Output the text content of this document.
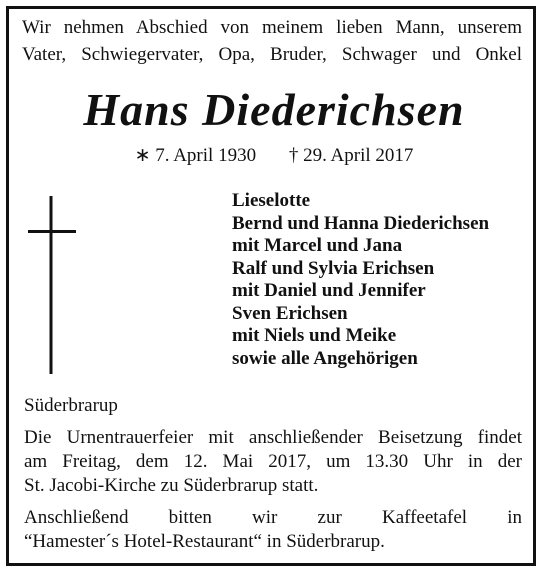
Wir nehmen Abschied von meinem lieben Mann, unserem
Vater, Schwiegervater, Opa, Bruder, Schwager und Onkel
Hans Diederichsen
∗ 7. April 1930 † 29. April 2017
Lieselotte
Bernd und Hanna Diederichsen
mit Marcel und Jana
Ralf und Sylvia Erichsen
mit Daniel und Jennifer
Sven Erichsen
mit Niels und Meike
sowie alle Angehörigen
Süderbrarup
Die Urnentrauerfeier mit anschließender Beisetzung findet
am Freitag, dem 12. Mai 2017, um 13.30 Uhr in der
St. Jacobi-Kirche zu Süderbrarup statt.
Anschließend bitten wir zur Kaffeetafel in
“Hamester´s Hotel-Restaurant“ in Süderbrarup.
